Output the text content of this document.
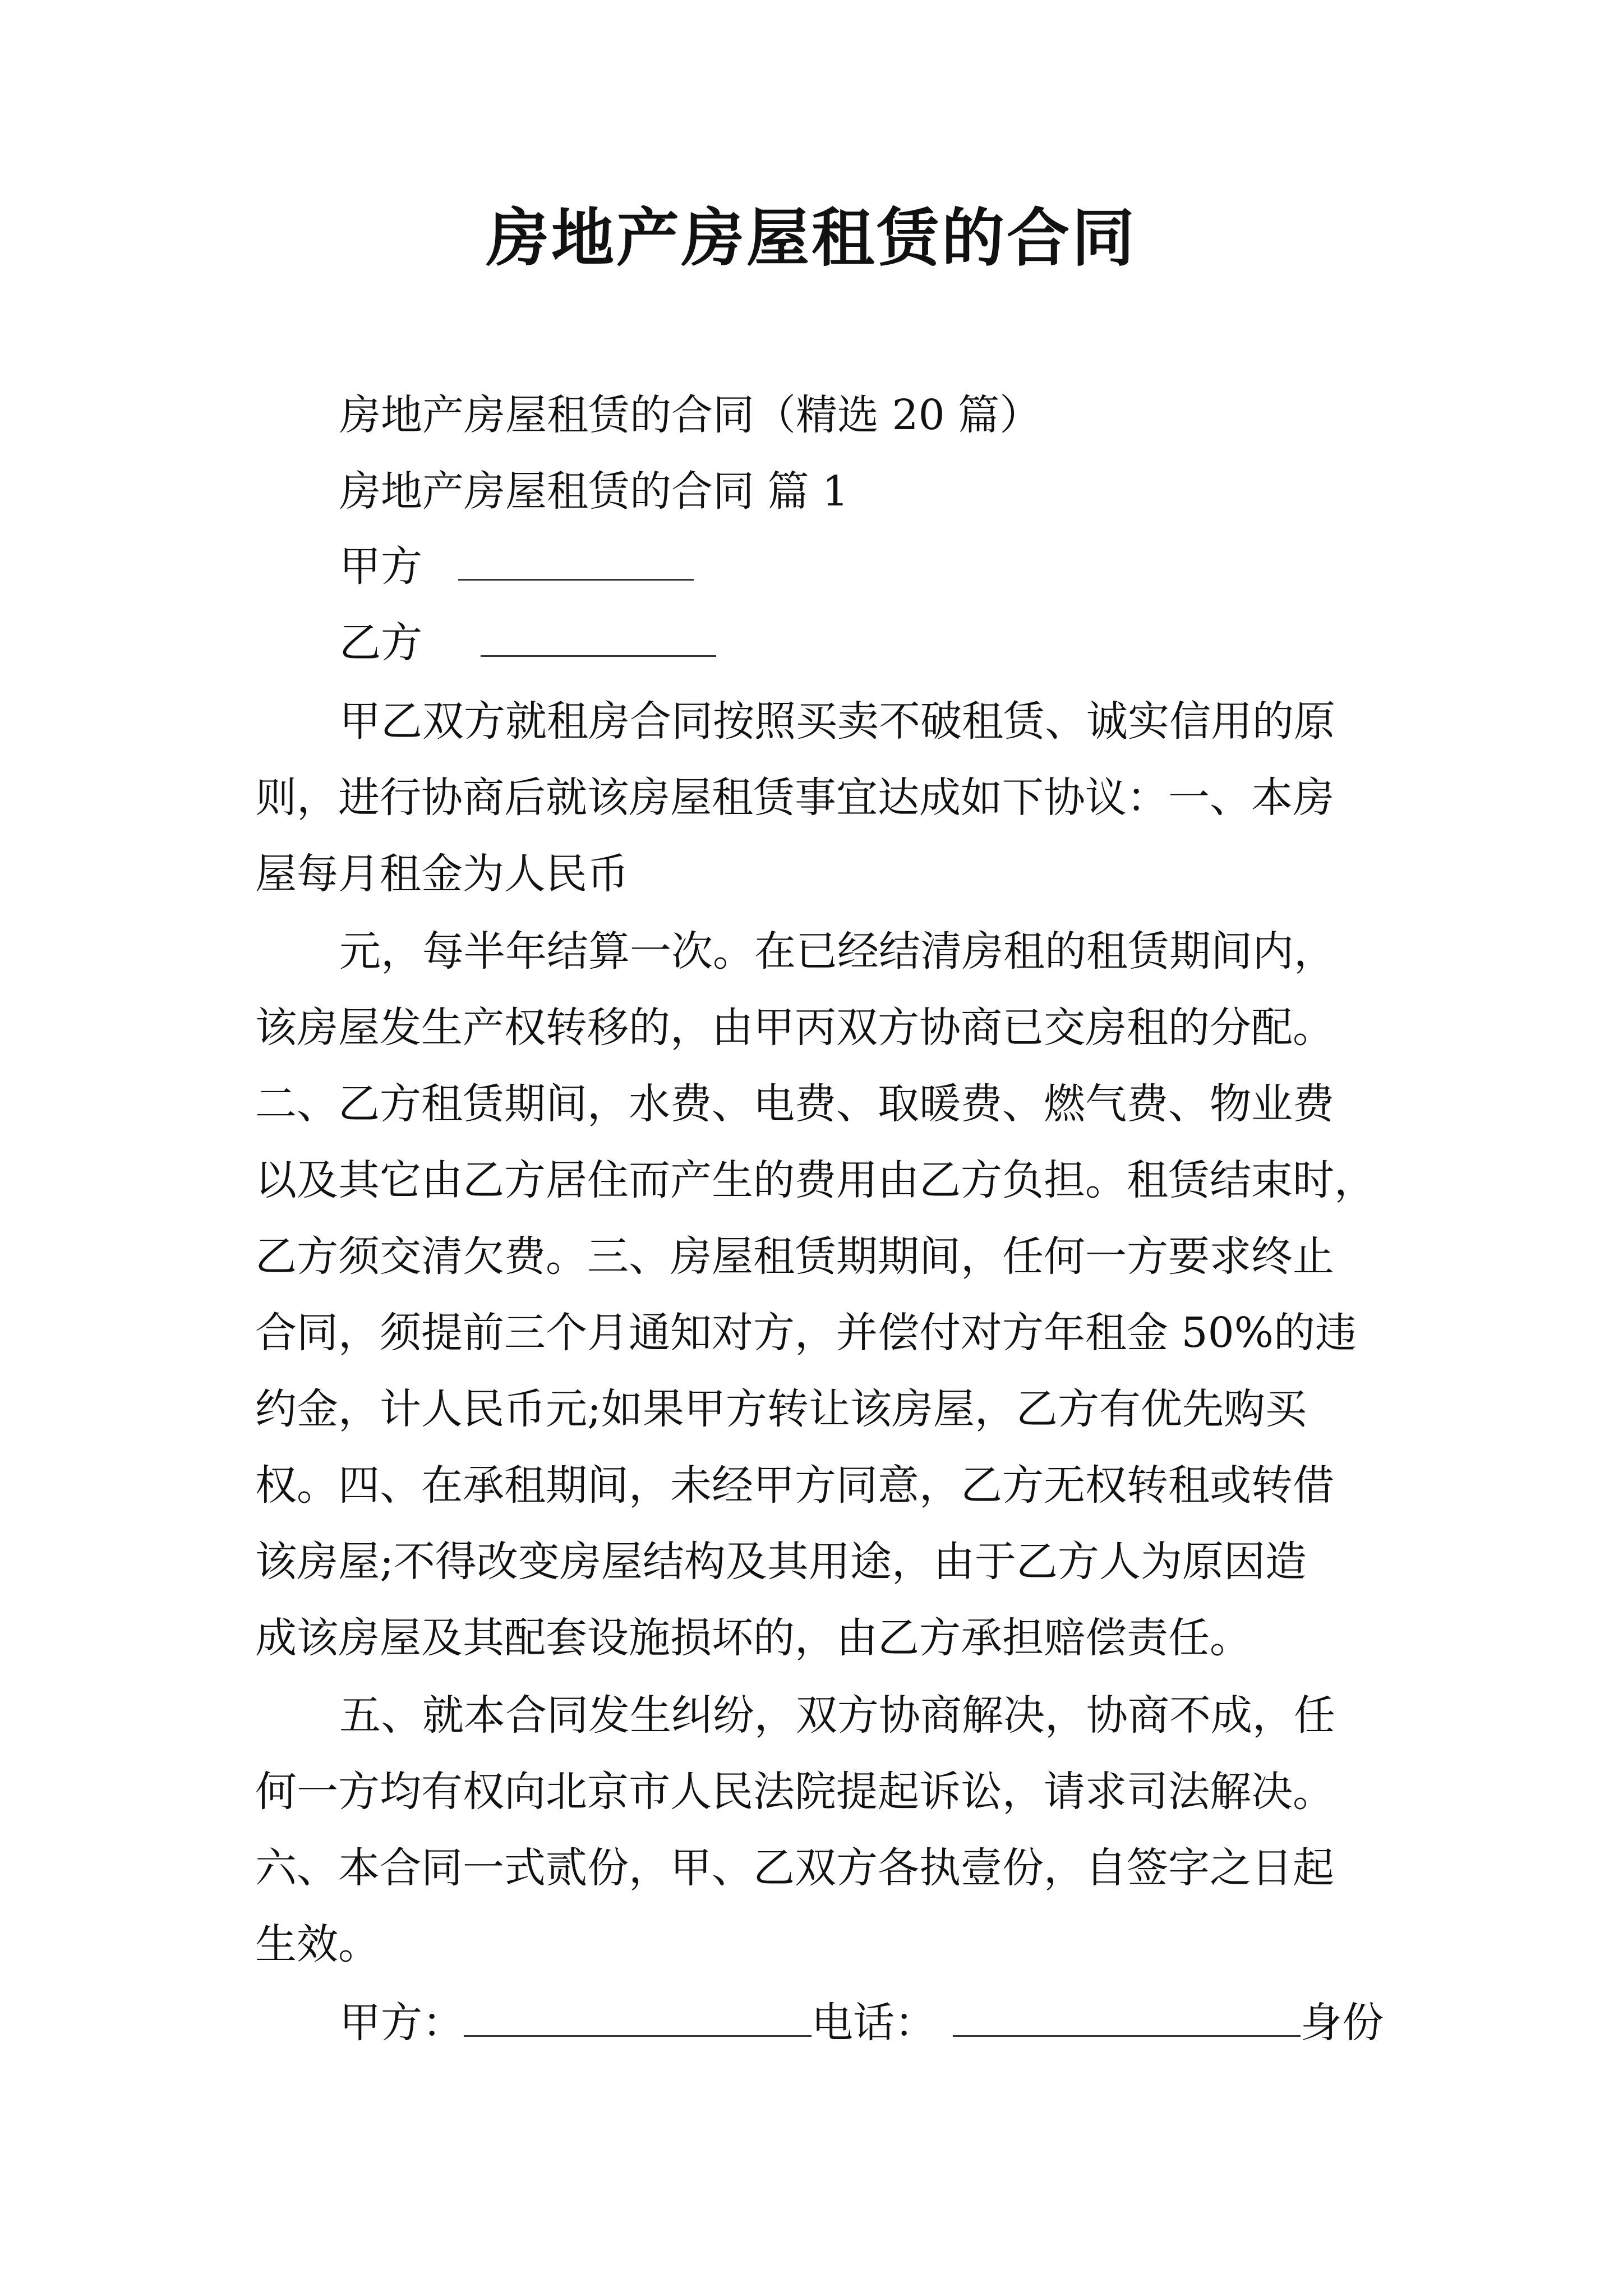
房地产房屋租赁的合同
房地产房屋租赁的合同（精选 20 篇）
房地产房屋租赁的合同 篇 1
甲方
乙方
甲乙双方就租房合同按照买卖不破租赁、诚实信用的原
则，进行协商后就该房屋租赁事宜达成如下协议：一、本房
屋每月租金为人民币
元，每半年结算一次。在已经结清房租的租赁期间内，
该房屋发生产权转移的，由甲丙双方协商已交房租的分配。
二、乙方租赁期间，水费、电费、取暖费、燃气费、物业费
以及其它由乙方居住而产生的费用由乙方负担。租赁结束时，
乙方须交清欠费。三、房屋租赁期期间，任何一方要求终止
合同，须提前三个月通知对方，并偿付对方年租金 50%的违
约金，计人民币元;如果甲方转让该房屋，乙方有优先购买
权。四、在承租期间，未经甲方同意，乙方无权转租或转借
该房屋;不得改变房屋结构及其用途，由于乙方人为原因造
成该房屋及其配套设施损坏的，由乙方承担赔偿责任。
五、就本合同发生纠纷，双方协商解决，协商不成，任
何一方均有权向北京市人民法院提起诉讼，请求司法解决。
六、本合同一式贰份，甲、乙双方各执壹份，自签字之日起
生效。
甲方：	电话：	身份
